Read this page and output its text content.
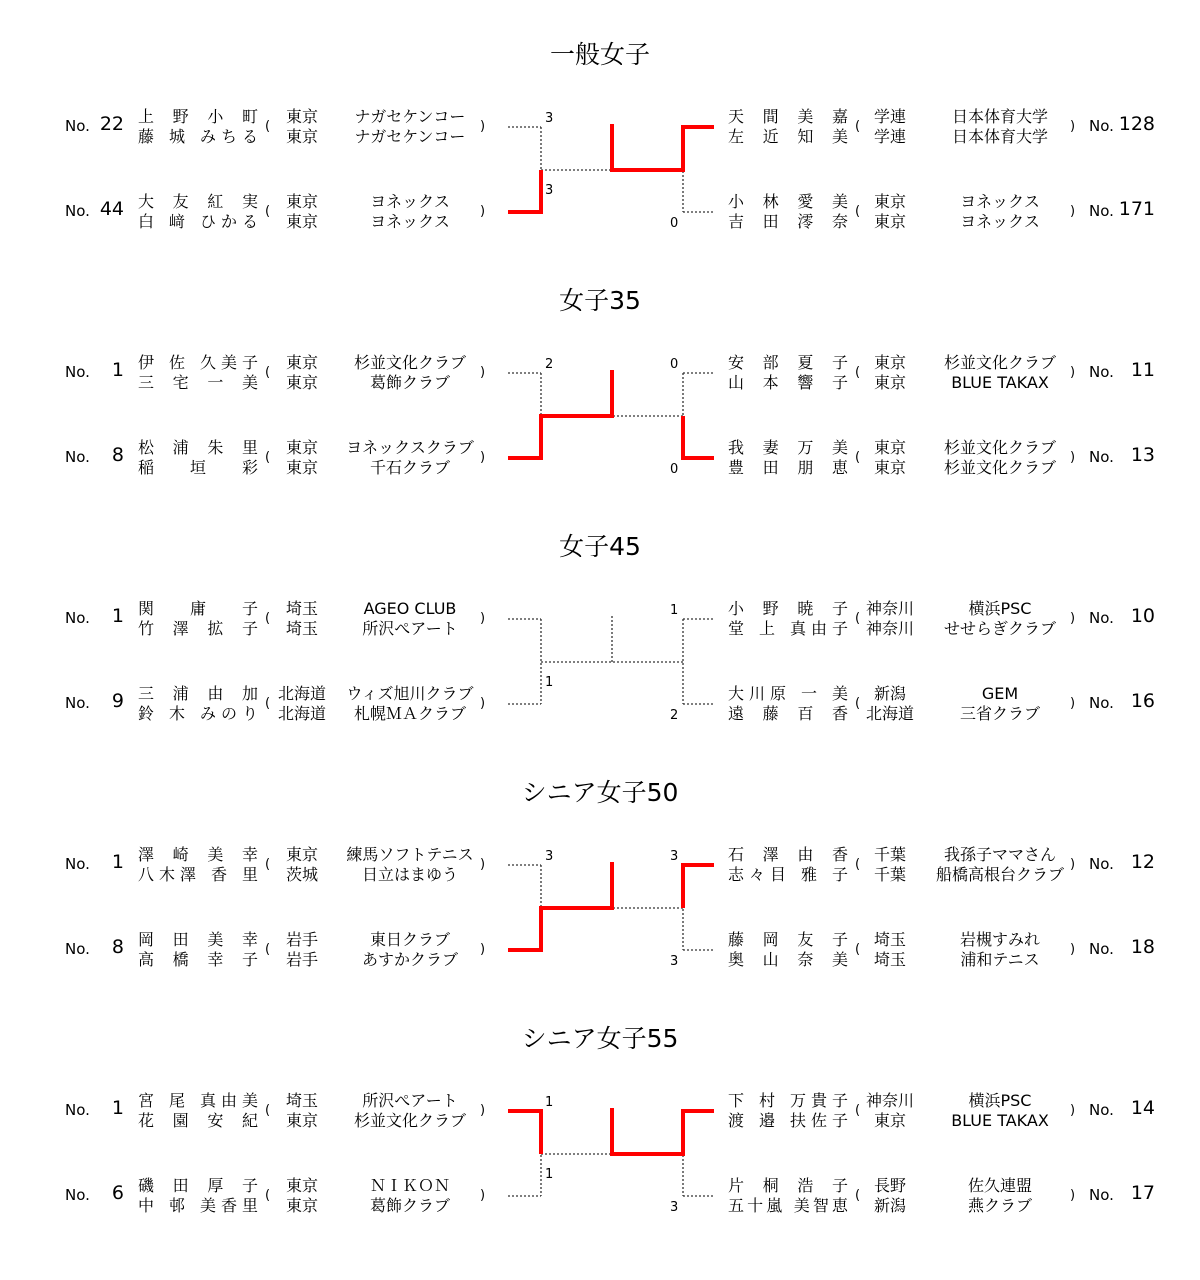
一般女子
No. 22	(	)
上 野 小 町	東京	ナガセケンコー
藤 城 みちる	東京	ナガセケンコー
No. 44	(	)
大 友 紅 実	東京	ヨネックス
白 﨑 ひかる	東京	ヨネックス
No. 128
(	)
天 間 美 嘉	学連	日本体育大学
左 近 知 美	学連	日本体育大学
No. 171
(	)
小 林 愛 美	東京	ヨネックス
吉 田 澪 奈	東京	ヨネックス
3
3
0
女子35
No.	1	(	)
伊 佐 久美子	東京	杉並文化クラブ
三 宅 一 美	東京	葛飾クラブ
No.	8	(	)
松 浦 朱 里	東京	ヨネックスクラブ
稲 垣 彩	東京	千石クラブ
No. 11
(	)
安 部 夏 子	東京	杉並文化クラブ
山 本 響 子	東京	BLUE TAKAX
No. 13
(	)
我 妻 万 美	東京	杉並文化クラブ
豊 田 朋 恵	東京	杉並文化クラブ
2	0
0
女子45
No.	1	(	)
関 庸 子	埼玉	AGEO CLUB
竹 澤 拡 子	埼玉	所沢ぺアート
No.	9	(	)
三 浦 由 加	北海道	ウィズ旭川クラブ
鈴 木 みのり	北海道	札幌ＭＡクラブ
No. 10
(	)
小 野 暁 子	神奈川	横浜PSC
堂 上 真由子	神奈川	せせらぎクラブ
No. 16
(	)
大川原 一 美	新潟	GEM
遠 藤 百 香	北海道	三省クラブ
1
1
2
シニア女子50
No.	1	(	)
澤 崎 美 幸	東京	練馬ソフトテニス
八木澤 香 里	茨城	日立はまゆう
No.	8	(	)
岡 田 美 幸	岩手	東日クラブ
高 橋 幸 子	岩手	あすかクラブ
No. 12
(	)
石 澤 由 香	千葉	我孫子ママさん
志々目 雅 子	千葉	船橋高根台クラブ
No. 18
(	)
藤 岡 友 子	埼玉	岩槻すみれ
奥 山 奈 美	埼玉	浦和テニス
3	3
3
シニア女子55
No.	1	(	)
宮 尾 真由美	埼玉	所沢ぺアート
花 園 安 紀	東京	杉並文化クラブ
No.	6	(	)
磯 田 厚 子	東京	ＮＩＫＯＮ
中 邨 美香里	東京	葛飾クラブ
No. 14
(	)
下 村 万貴子	神奈川	横浜PSC
渡 邉 扶佐子	東京	BLUE TAKAX
No. 17
(	)
片 桐 浩 子	長野	佐久連盟
五十嵐 美智恵	新潟	燕クラブ
1
1
3
